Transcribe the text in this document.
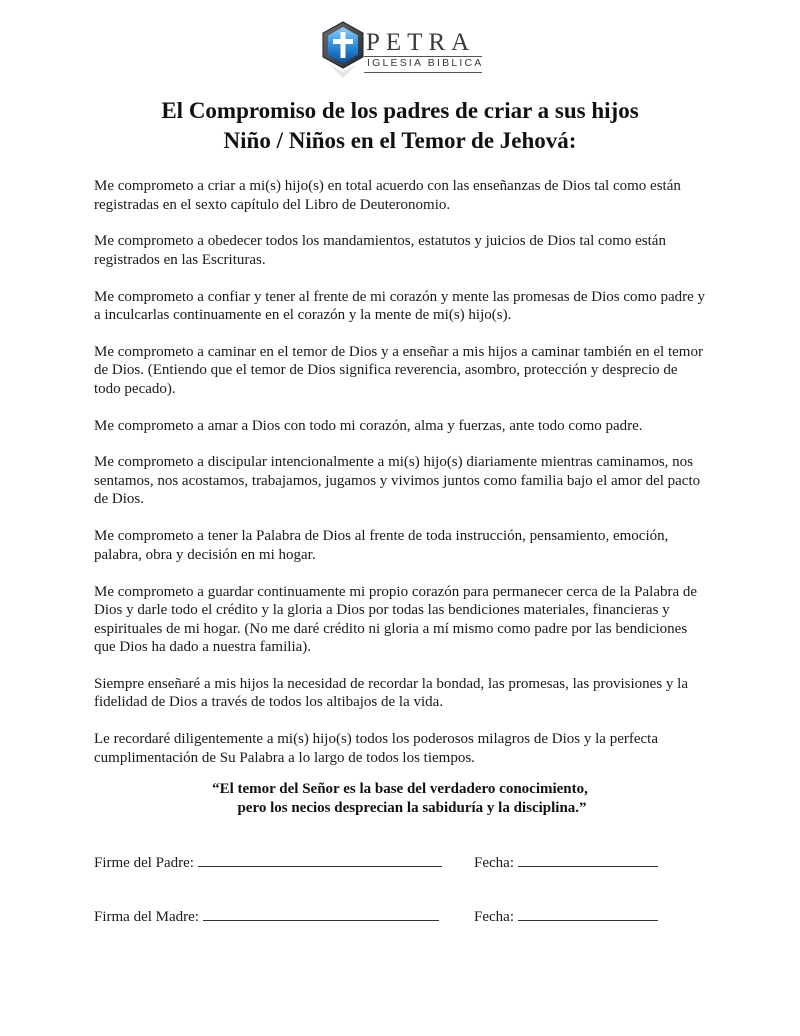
PETRA
IGLESIA BIBLICA
El Compromiso de los padres de criar a sus hijos
Niño / Niños en el Temor de Jehová:

Me comprometo a criar a mi(s) hijo(s) en total acuerdo con las enseñanzas de Dios tal como están registradas en el sexto capítulo del Libro de Deuteronomio.

Me comprometo a obedecer todos los mandamientos, estatutos y juicios de Dios tal como están registrados en las Escrituras.

Me comprometo a confiar y tener al frente de mi corazón y mente las promesas de Dios como padre y a inculcarlas continuamente en el corazón y la mente de mi(s) hijo(s).

Me comprometo a caminar en el temor de Dios y a enseñar a mis hijos a caminar también en el temor de Dios. (Entiendo que el temor de Dios significa reverencia, asombro, protección y desprecio de todo pecado).

Me comprometo a amar a Dios con todo mi corazón, alma y fuerzas, ante todo como padre.

Me comprometo a discipular intencionalmente a mi(s) hijo(s) diariamente mientras caminamos, nos sentamos, nos acostamos, trabajamos, jugamos y vivimos juntos como familia bajo el amor del pacto de Dios.

Me comprometo a tener la Palabra de Dios al frente de toda instrucción, pensamiento, emoción, palabra, obra y decisión en mi hogar.

Me comprometo a guardar continuamente mi propio corazón para permanecer cerca de la Palabra de Dios y darle todo el crédito y la gloria a Dios por todas las bendiciones materiales, financieras y espirituales de mi hogar. (No me daré crédito ni gloria a mí mismo como padre por las bendiciones que Dios ha dado a nuestra familia).

Siempre enseñaré a mis hijos la necesidad de recordar la bondad, las promesas, las provisiones y la fidelidad de Dios a través de todos los altibajos de la vida.

Le recordaré diligentemente a mi(s) hijo(s) todos los poderosos milagros de Dios y la perfecta cumplimentación de Su Palabra a lo largo de todos los tiempos.

“El temor del Señor es la base del verdadero conocimiento,
pero los necios desprecian la sabiduría y la disciplina.”
Firme del Padre:	Fecha:
Firma del Madre:	Fecha:
